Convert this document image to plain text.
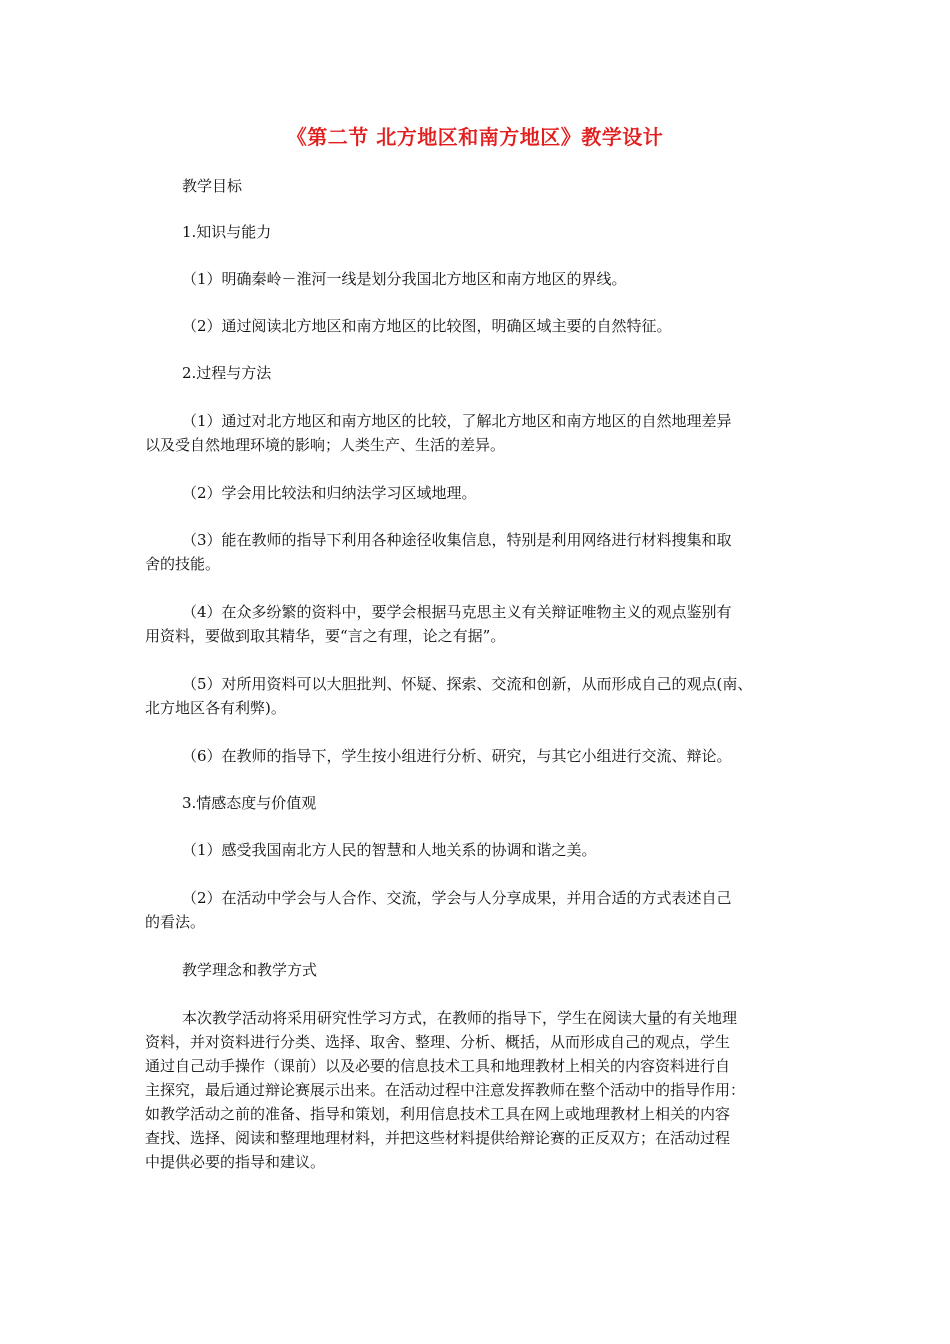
《第二节 北方地区和南方地区》教学设计
教学目标
1.知识与能力
（1）明确秦岭－淮河一线是划分我国北方地区和南方地区的界线。
（2）通过阅读北方地区和南方地区的比较图，明确区域主要的自然特征。
2.过程与方法
（1）通过对北方地区和南方地区的比较，了解北方地区和南方地区的自然地理差异
以及受自然地理环境的影响；人类生产、生活的差异。
（2）学会用比较法和归纳法学习区域地理。
（3）能在教师的指导下利用各种途径收集信息，特别是利用网络进行材料搜集和取
舍的技能。
（4）在众多纷繁的资料中，要学会根据马克思主义有关辩证唯物主义的观点鉴别有
用资料，要做到取其精华，要“言之有理，论之有据”。
（5）对所用资料可以大胆批判、怀疑、探索、交流和创新，从而形成自己的观点(南、
北方地区各有利弊)。
（6）在教师的指导下，学生按小组进行分析、研究，与其它小组进行交流、辩论。
3.情感态度与价值观
（1）感受我国南北方人民的智慧和人地关系的协调和谐之美。
（2）在活动中学会与人合作、交流，学会与人分享成果，并用合适的方式表述自己
的看法。
教学理念和教学方式
本次教学活动将采用研究性学习方式，在教师的指导下，学生在阅读大量的有关地理
资料，并对资料进行分类、选择、取舍、整理、分析、概括，从而形成自己的观点，学生
通过自己动手操作（课前）以及必要的信息技术工具和地理教材上相关的内容资料进行自
主探究，最后通过辩论赛展示出来。在活动过程中注意发挥教师在整个活动中的指导作用：
如教学活动之前的准备、指导和策划，利用信息技术工具在网上或地理教材上相关的内容
查找、选择、阅读和整理地理材料，并把这些材料提供给辩论赛的正反双方；在活动过程
中提供必要的指导和建议。
